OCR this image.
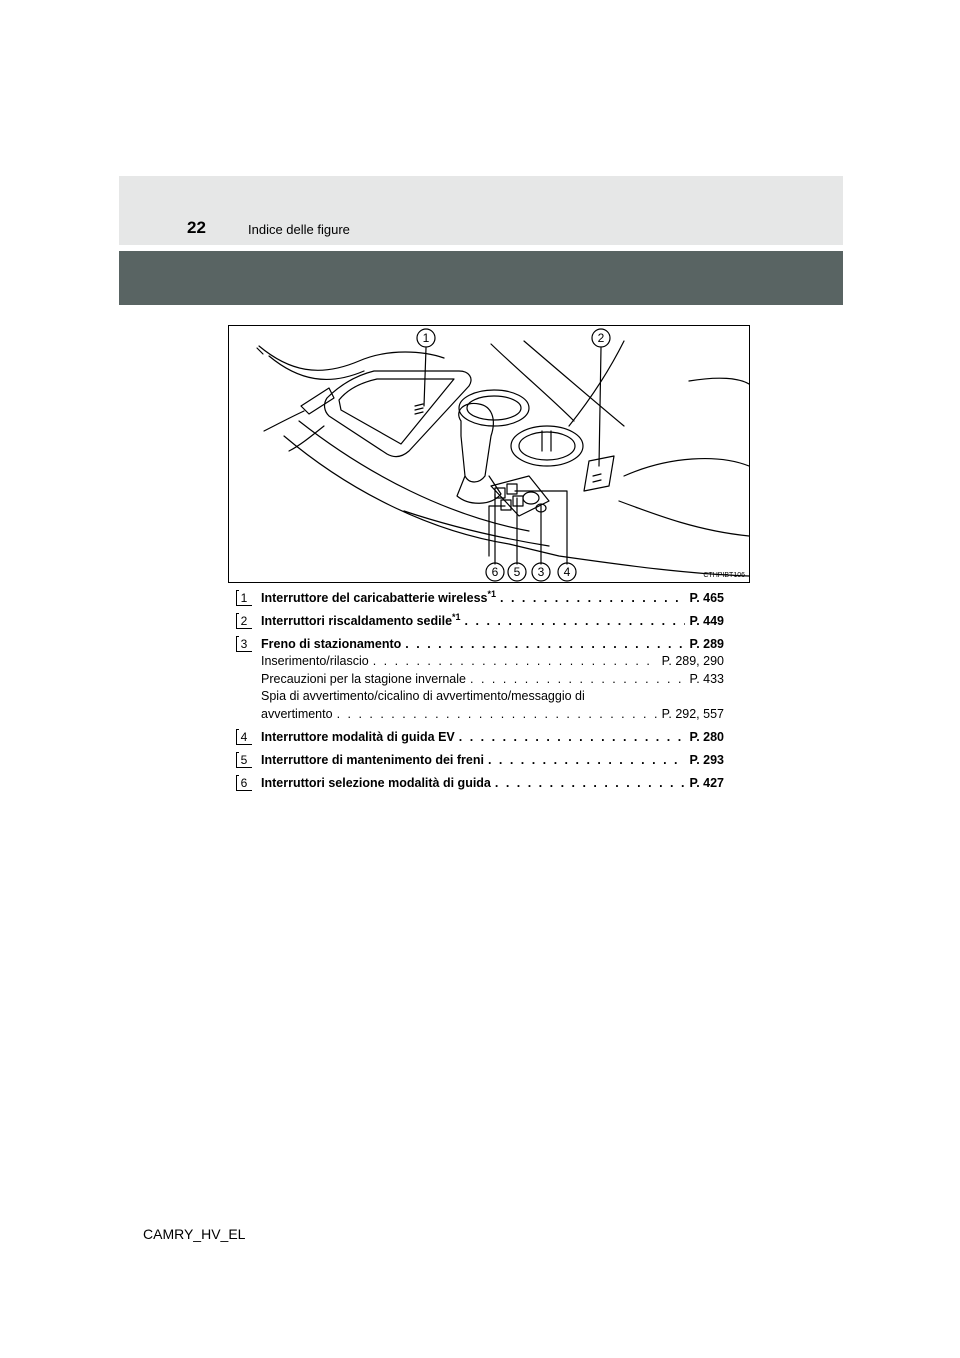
22	Indice delle figure
1	2
6 5 3 4	CTHPIBT106
1	Interruttore del caricabatterie wireless$^{*1}$ . . .	P. 465
2	Interruttori riscaldamento sedile$^{*1}$ . . .	P. 449
3	Freno di stazionamento . . .	P. 289
Inserimento/rilascio . . .	P. 289, 290
Precauzioni per la stagione invernale . . .	P. 433
Spia di avvertimento/cicalino di avvertimento/messaggio di
avvertimento . . .	P. 292, 557
4	Interruttore modalità di guida EV . . .	P. 280
5	Interruttore di mantenimento dei freni . . .	P. 293
6	Interruttori selezione modalità di guida . . .	P. 427
CAMRY_HV_EL
